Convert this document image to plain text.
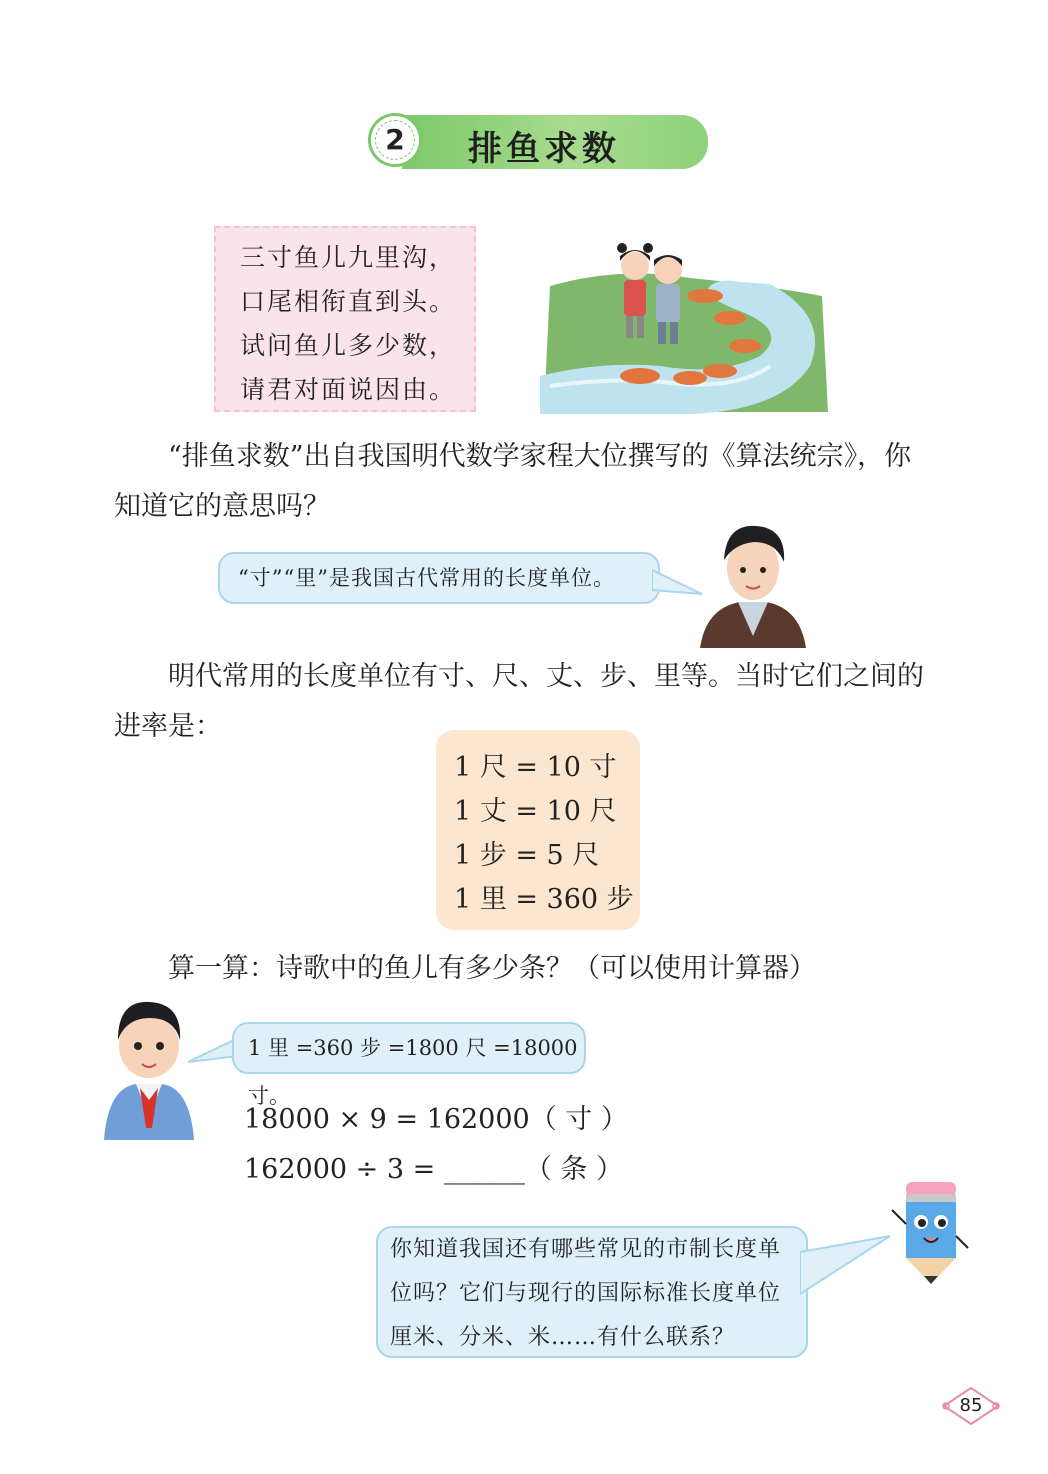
2	排鱼求数
三寸鱼儿九里沟，
口尾相衔直到头。
试问鱼儿多少数，
请君对面说因由。
“排鱼求数”出自我国明代数学家程大位撰写的《算法统宗》，你
知道它的意思吗？
“寸”“里”是我国古代常用的长度单位。
明代常用的长度单位有寸、尺、丈、步、里等。当时它们之间的
进率是：
1 尺 = 10 寸
1 丈 = 10 尺
1 步 = 5 尺
1 里 = 360 步
算一算：诗歌中的鱼儿有多少条？（可以使用计算器）
1 里 =360 步 =1800 尺 =18000 寸。
18000 × 9 = 162000（ 寸 ）
162000 ÷ 3 = ______（ 条 ）
你知道我国还有哪些常见的市制长度单
位吗？它们与现行的国际标准长度单位
厘米、分米、米……有什么联系？
85
